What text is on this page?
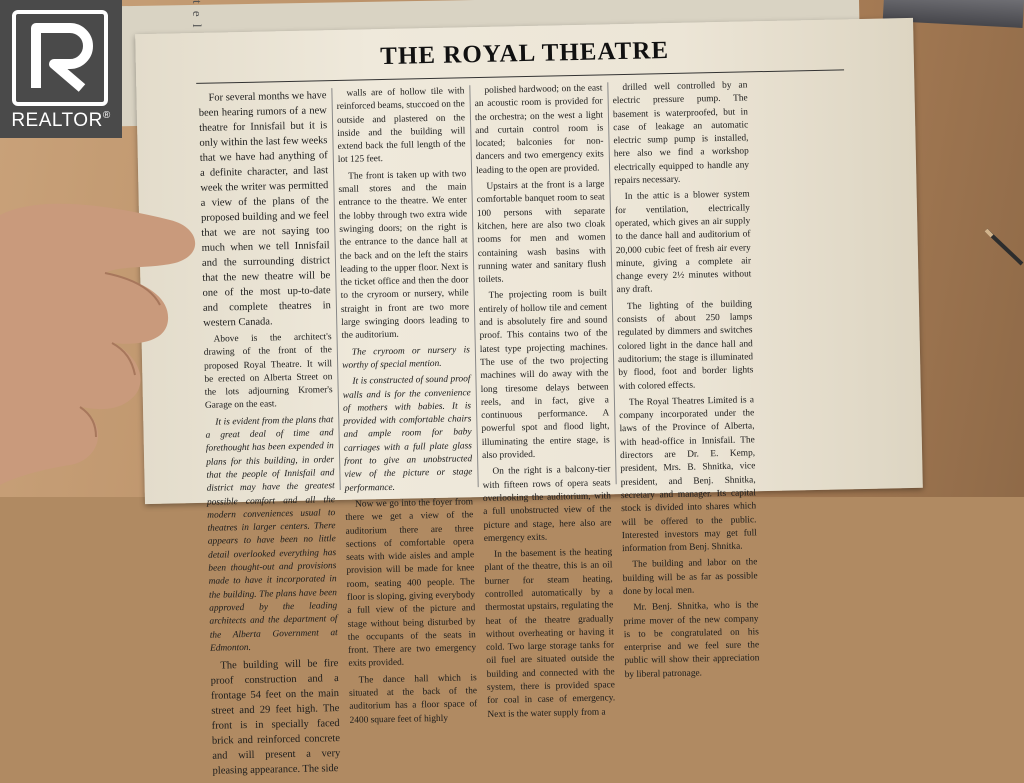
THE ROYAL THEATRE

For several months we have been hearing rumors of a new theatre for Innisfail but it is only within the last few weeks that we have had anything of a definite character, and last week the writer was permitted a view of the plans of the proposed building and we feel that we are not saying too much when we tell Innisfail and the surrounding district that the new theatre will be one of the most up-to-date and complete theatres in western Canada.

Above is the architect's drawing of the front of the proposed Royal Theatre. It will be erected on Alberta Street on the lots adjourning Kromer's Garage on the east.

It is evident from the plans that a great deal of time and forethought has been expended in plans for this building, in order that the people of Innisfail and district may have the greatest possible comfort and all the modern conveniences usual to theatres in larger centers. There appears to have been no little detail overlooked everything has been thought-out and provisions made to have it incorporated in the building. The plans have been approved by the leading architects and the department of the Alberta Government at Edmonton.

The building will be fire proof construction and a frontage 54 feet on the main street and 29 feet high. The front is in specially faced brick and reinforced concrete and will present a very pleasing appearance. The side

walls are of hollow tile with reinforced beams, stuccoed on the outside and plastered on the inside and the building will extend back the full length of the lot 125 feet.

The front is taken up with two small stores and the main entrance to the theatre. We enter the lobby through two extra wide swinging doors; on the right is the entrance to the dance hall at the back and on the left the stairs leading to the upper floor. Next is the ticket office and then the door to the cryroom or nursery, while straight in front are two more large swinging doors leading to the auditorium.

The cryroom or nursery is worthy of special mention.

It is constructed of sound proof walls and is for the convenience of mothers with babies. It is provided with comfortable chairs and ample room for baby carriages with a full plate glass front to give an unobstructed view of the picture or stage performance.

Now we go into the foyer from there we get a view of the auditorium there are three sections of comfortable opera seats with wide aisles and ample provision will be made for knee room, seating 400 people. The floor is sloping, giving everybody a full view of the picture and stage without being disturbed by the occupants of the seats in front. There are two emergency exits provided.

The dance hall which is situated at the back of the auditorium has a floor space of 2400 square feet of highly

polished hardwood; on the east an acoustic room is provided for the orchestra; on the west a light and curtain control room is located; balconies for non-dancers and two emergency exits leading to the open are provided.

Upstairs at the front is a large comfortable banquet room to seat 100 persons with separate kitchen, here are also two cloak rooms for men and women containing wash basins with running water and sanitary flush toilets.

The projecting room is built entirely of hollow tile and cement and is absolutely fire and sound proof. This contains two of the latest type projecting machines. The use of the two projecting machines will do away with the long tiresome delays between reels, and in fact, give a continuous performance. A powerful spot and flood light, illuminating the entire stage, is also provided.

On the right is a balcony-tier with fifteen rows of opera seats overlooking the auditorium, with a full unobstructed view of the picture and stage, here also are emergency exits.

In the basement is the heating plant of the theatre, this is an oil burner for steam heating, controlled automatically by a thermostat upstairs, regulating the heat of the theatre gradually without overheating or having it cold. Two large storage tanks for oil fuel are situated outside the building and connected with the system, there is provided space for coal in case of emergency. Next is the water supply from a

drilled well controlled by an electric pressure pump. The basement is waterproofed, but in case of leakage an automatic electric sump pump is installed, here also we find a workshop electrically equipped to handle any repairs necessary.

In the attic is a blower system for ventilation, electrically operated, which gives an air supply to the dance hall and auditorium of 20,000 cubic feet of fresh air every minute, giving a complete air change every 2½ minutes without any draft.

The lighting of the building consists of about 250 lamps regulated by dimmers and switches colored light in the dance hall and auditorium; the stage is illuminated by flood, foot and border lights with colored effects.

The Royal Theatres Limited is a company incorporated under the laws of the Province of Alberta, with head-office in Innisfail. The directors are Dr. E. Kemp, president, Mrs. B. Shnitka, vice president, and Benj. Shnitka, secretary and manager. Its capital stock is divided into shares which will be offered to the public. Interested investors may get full information from Benj. Shnitka.

The building and labor on the building will be as far as possible done by local men.

Mr. Benj. Shnitka, who is the prime mover of the new company is to be congratulated on his enterprise and we feel sure the public will show their appreciation by liberal patronage.

REALTOR®
